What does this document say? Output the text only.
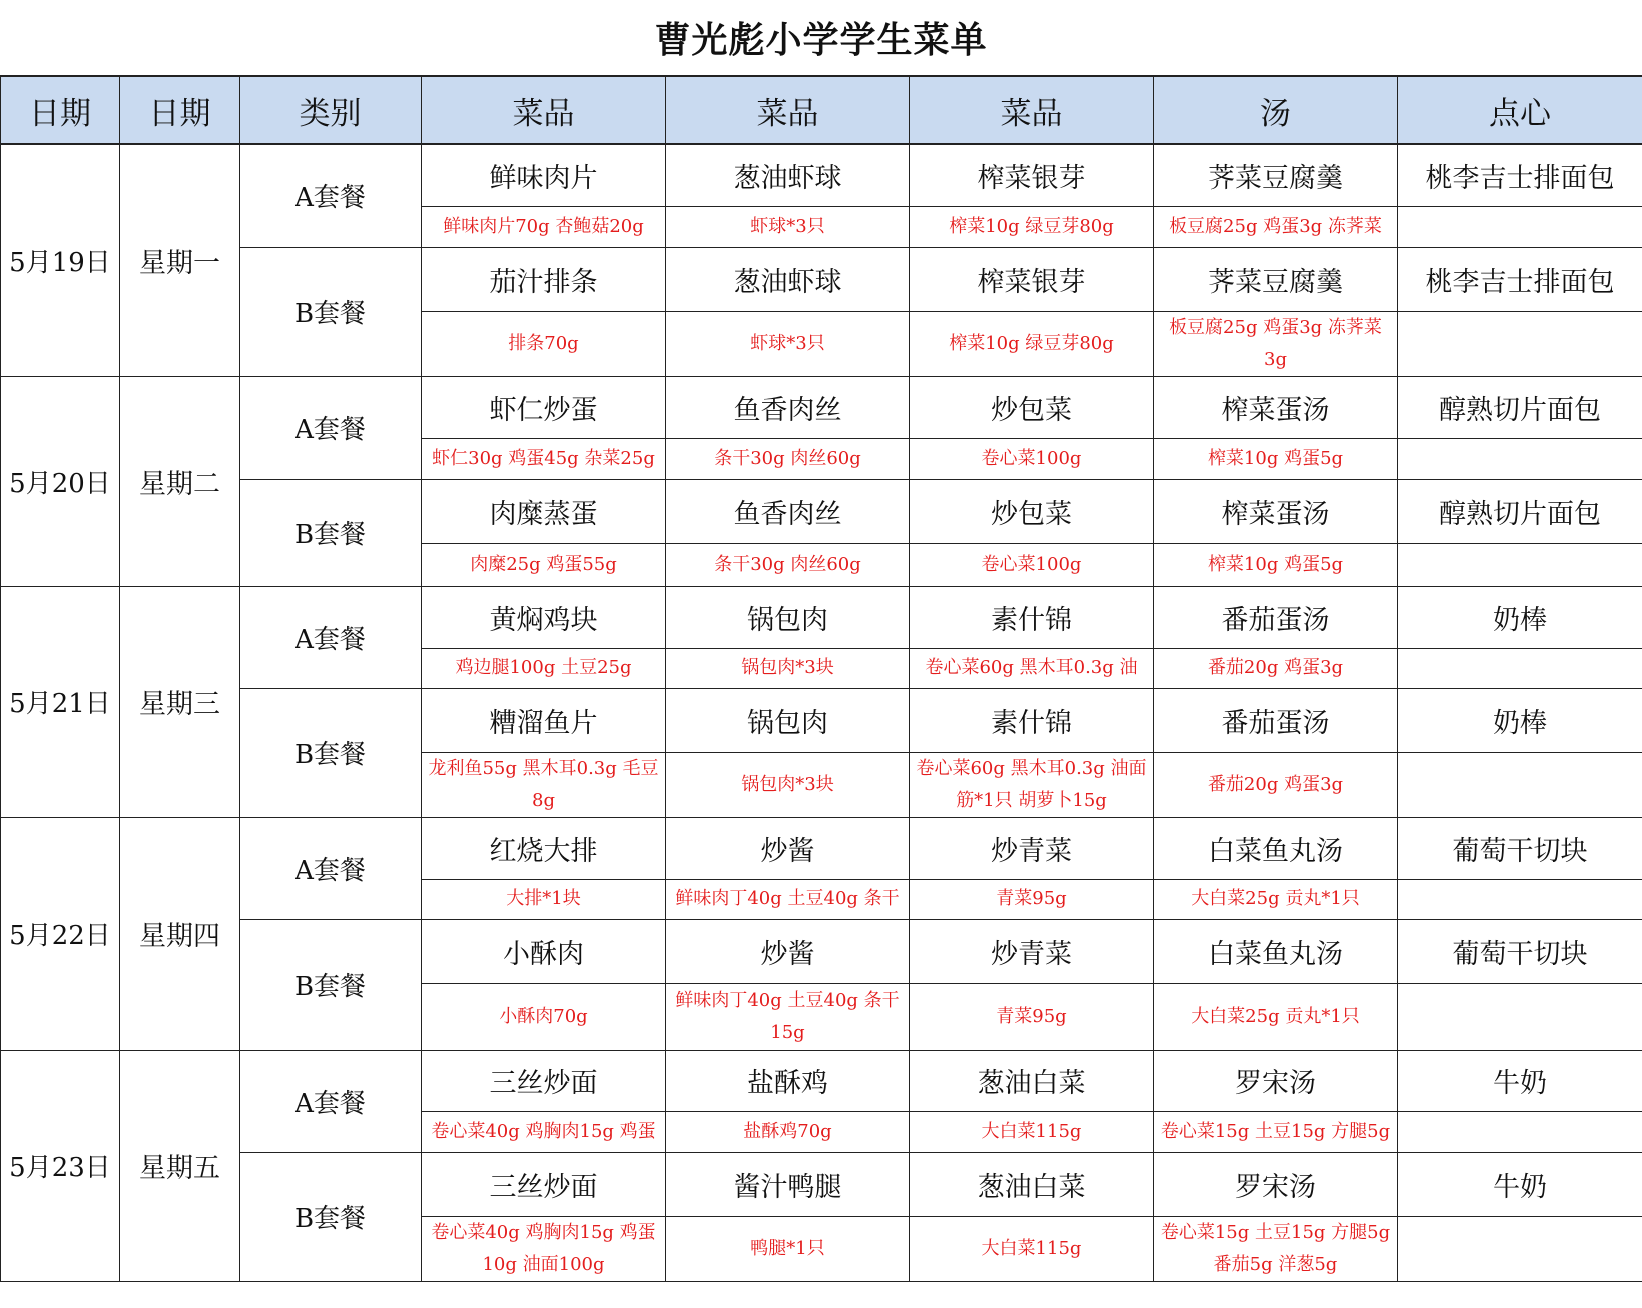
曹光彪小学学生菜单
日期	日期	类别	菜品	菜品	菜品	汤	点心
5月19日	星期一	A套餐	鲜味肉片	葱油虾球	榨菜银芽	荠菜豆腐羹	桃李吉士排面包
			鲜味肉片70g 杏鲍菇20g	虾球*3只	榨菜10g 绿豆芽80g	板豆腐25g 鸡蛋3g 冻荠菜	
		B套餐	茄汁排条	葱油虾球	榨菜银芽	荠菜豆腐羹	桃李吉士排面包
			排条70g	虾球*3只	榨菜10g 绿豆芽80g	板豆腐25g 鸡蛋3g 冻荠菜3g	
5月20日	星期二	A套餐	虾仁炒蛋	鱼香肉丝	炒包菜	榨菜蛋汤	醇熟切片面包
			虾仁30g 鸡蛋45g 杂菜25g	条干30g 肉丝60g	卷心菜100g	榨菜10g 鸡蛋5g	
		B套餐	肉糜蒸蛋	鱼香肉丝	炒包菜	榨菜蛋汤	醇熟切片面包
			肉糜25g 鸡蛋55g	条干30g 肉丝60g	卷心菜100g	榨菜10g 鸡蛋5g	
5月21日	星期三	A套餐	黄焖鸡块	锅包肉	素什锦	番茄蛋汤	奶棒
			鸡边腿100g 土豆25g	锅包肉*3块	卷心菜60g 黑木耳0.3g 油	番茄20g 鸡蛋3g	
		B套餐	糟溜鱼片	锅包肉	素什锦	番茄蛋汤	奶棒
			龙利鱼55g 黑木耳0.3g 毛豆8g	锅包肉*3块	卷心菜60g 黑木耳0.3g 油面筋*1只 胡萝卜15g	番茄20g 鸡蛋3g	
5月22日	星期四	A套餐	红烧大排	炒酱	炒青菜	白菜鱼丸汤	葡萄干切块
			大排*1块	鲜味肉丁40g 土豆40g 条干	青菜95g	大白菜25g 贡丸*1只	
		B套餐	小酥肉	炒酱	炒青菜	白菜鱼丸汤	葡萄干切块
			小酥肉70g	鲜味肉丁40g 土豆40g 条干15g	青菜95g	大白菜25g 贡丸*1只	
5月23日	星期五	A套餐	三丝炒面	盐酥鸡	葱油白菜	罗宋汤	牛奶
			卷心菜40g 鸡胸肉15g 鸡蛋	盐酥鸡70g	大白菜115g	卷心菜15g 土豆15g 方腿5g	
		B套餐	三丝炒面	酱汁鸭腿	葱油白菜	罗宋汤	牛奶
			卷心菜40g 鸡胸肉15g 鸡蛋10g 油面100g	鸭腿*1只	大白菜115g	卷心菜15g 土豆15g 方腿5g 番茄5g 洋葱5g	
